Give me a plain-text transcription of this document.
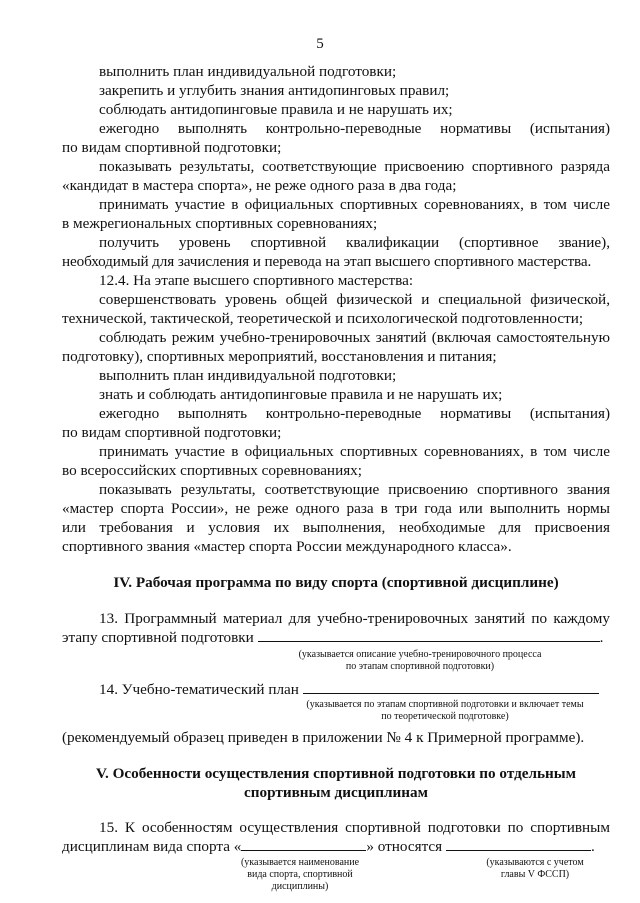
5
выполнить план индивидуальной подготовки;
закрепить и углубить знания антидопинговых правил;
соблюдать антидопинговые правила и не нарушать их;
ежегодно выполнять контрольно-переводные нормативы (испытания)
по видам спортивной подготовки;
показывать результаты, соответствующие присвоению спортивного разряда
«кандидат в мастера спорта», не реже одного раза в два года;
принимать участие в официальных спортивных соревнованиях, в том числе
в межрегиональных спортивных соревнованиях;
получить уровень спортивной квалификации (спортивное звание),
необходимый для зачисления и перевода на этап высшего спортивного мастерства.
12.4. На этапе высшего спортивного мастерства:
совершенствовать уровень общей физической и специальной физической,
технической, тактической, теоретической и психологической подготовленности;
соблюдать режим учебно-тренировочных занятий (включая самостоятельную
подготовку), спортивных мероприятий, восстановления и питания;
выполнить план индивидуальной подготовки;
знать и соблюдать антидопинговые правила и не нарушать их;
ежегодно выполнять контрольно-переводные нормативы (испытания)
по видам спортивной подготовки;
принимать участие в официальных спортивных соревнованиях, в том числе
во всероссийских спортивных соревнованиях;
показывать результаты, соответствующие присвоению спортивного звания
«мастер спорта России», не реже одного раза в три года или выполнить нормы
или требования и условия их выполнения, необходимые для присвоения
спортивного звания «мастер спорта России международного класса».
IV. Рабочая программа по виду спорта (спортивной дисциплине)
13. Программный материал для учебно-тренировочных занятий по каждому
этапу спортивной подготовки	.
(указывается описание учебно-тренировочного процесса
по этапам спортивной подготовки)
14. Учебно-тематический план
(указывается по этапам спортивной подготовки и включает темы
по теоретической подготовке)
(рекомендуемый образец приведен в приложении № 4 к Примерной программе).
V. Особенности осуществления спортивной подготовки по отдельным
спортивным дисциплинам
15. К особенностям осуществления спортивной подготовки по спортивным
дисциплинам вида спорта «	» относятся	.
(указывается наименование
вида спорта, спортивной
дисциплины)
(указываются с учетом
главы V ФССП)
